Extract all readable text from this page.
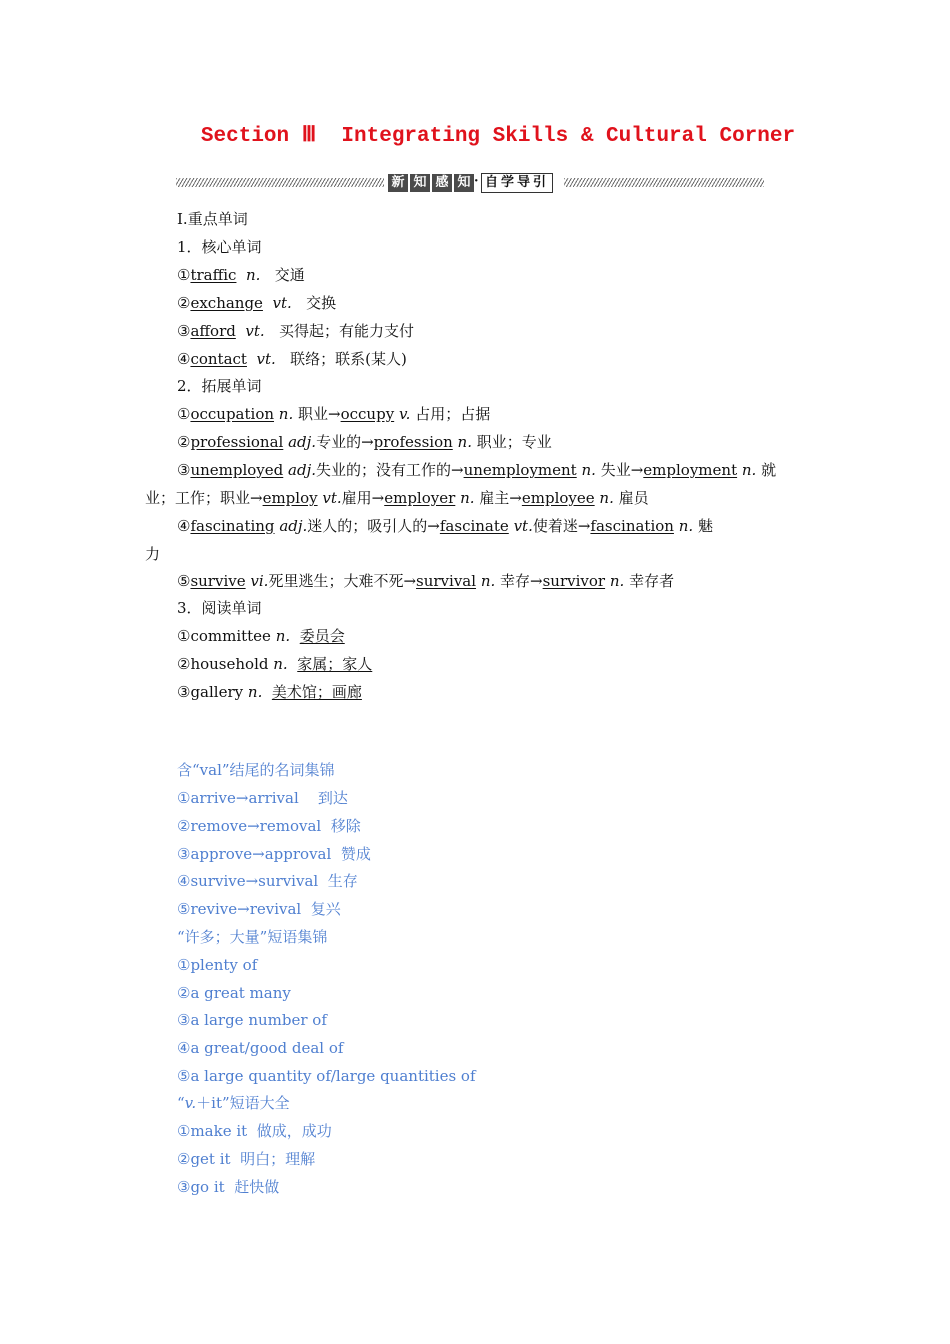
Section Ⅲ  Integrating Skills & Cultural Corner
新 知 感 知 · 自学导引
Ⅰ.重点单词
1．核心单词
①traffic n. 交通
②exchange vt. 交换
③afford vt. 买得起；有能力支付
④contact vt. 联络；联系(某人)
2．拓展单词
①occupation n. 职业→occupy v. 占用；占据
②professional adj.专业的→profession n. 职业；专业
③unemployed adj.失业的；没有工作的→unemployment n. 失业→employment n. 就
业；工作；职业→employ vt.雇用→employer n. 雇主→employee n. 雇员
④fascinating adj.迷人的；吸引人的→fascinate vt.使着迷→fascination n. 魅
力
⑤survive vi.死里逃生；大难不死→survival n. 幸存→survivor n. 幸存者
3．阅读单词
①committee n. 委员会
②household n. 家属；家人
③gallery n. 美术馆；画廊
含“val”结尾的名词集锦
①arrive→arrival 到达
②remove→removal 移除
③approve→approval 赞成
④survive→survival 生存
⑤revive→revival 复兴
“许多；大量”短语集锦
①plenty of
②a great many
③a large number of
④a great/good deal of
⑤a large quantity of/large quantities of
“v.＋it”短语大全
①make it 做成，成功
②get it 明白；理解
③go it 赶快做
